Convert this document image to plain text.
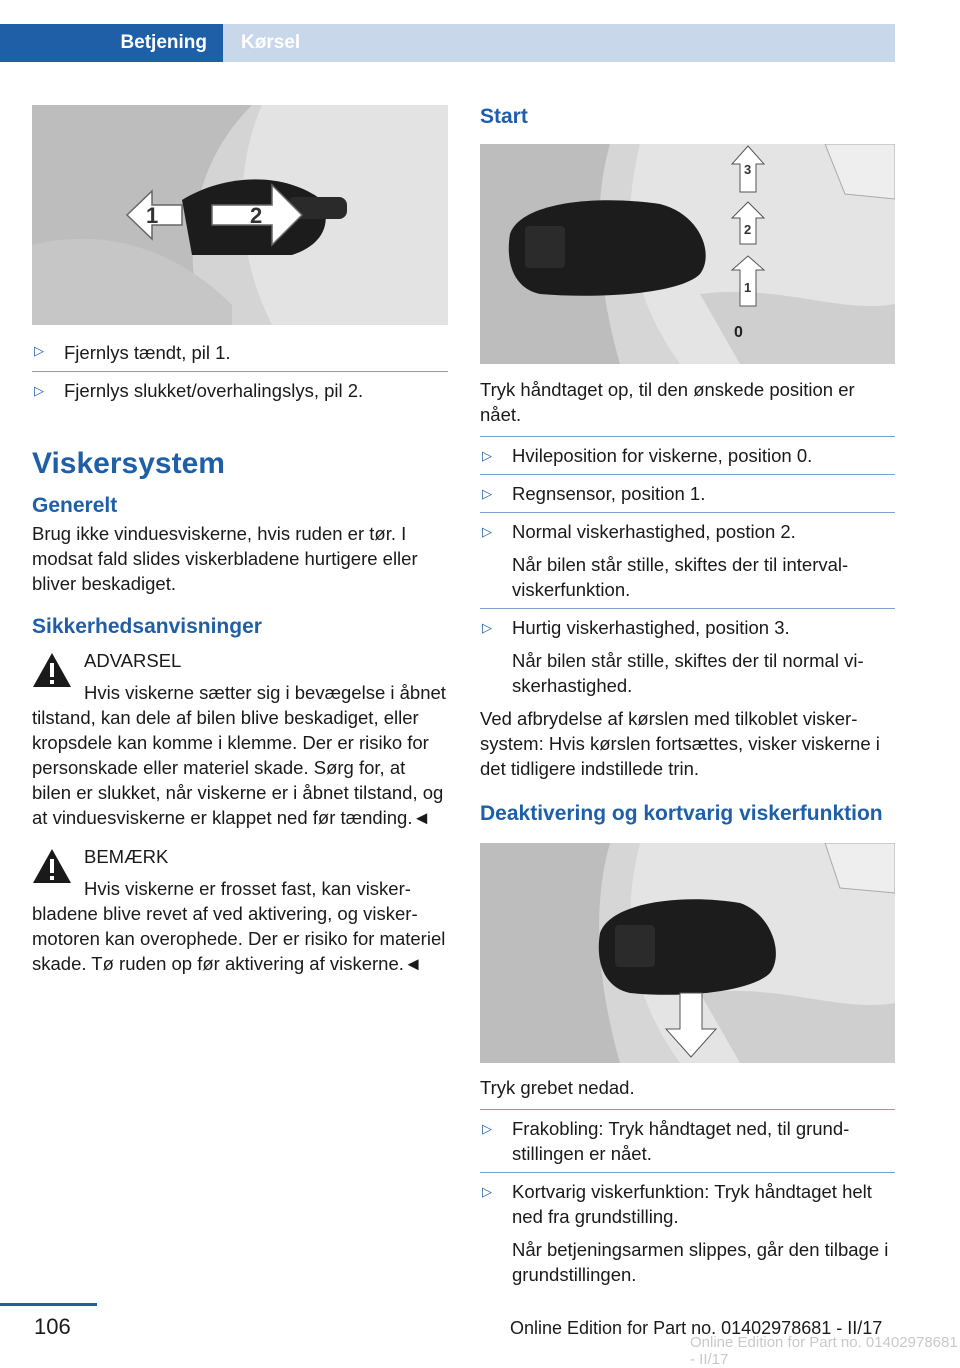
Betjening	Kørsel
1	2
▷ Fjernlys tændt, pil 1.
▷ Fjernlys slukket/overhalingslys, pil 2.
Viskersystem
Generelt

Brug ikke vinduesviskerne, hvis ruden er tør. I modsat fald slides viskerbladene hurtigere eller bliver beskadiget.

Sikkerhedsanvisninger

ADVARSEL

Hvis viskerne sætter sig i bevægelse i åbnet tilstand, kan dele af bilen blive beskadiget, eller kropsdele kan komme i klemme. Der er risiko for personskade eller materiel skade. Sørg for, at bilen er slukket, når viskerne er i åbnet tilstand, og at vinduesviskerne er klappet ned før tænding.◄

BEMÆRK

Hvis viskerne er frosset fast, kan viskerbladene blive revet af ved aktivering, og viskermotoren kan overophede. Der er risiko for materiel skade. Tø ruden op før aktivering af viskerne.◄

Start
3
2
1
0

Tryk håndtaget op, til den ønskede position er nået.

▷ Hvileposition for viskerne, position 0.
▷ Regnsensor, position 1.
▷ Normal viskerhastighed, postion 2.
Når bilen står stille, skiftes der til intervalviskerfunktion.
▷ Hurtig viskerhastighed, position 3.
Når bilen står stille, skiftes der til normal viskerhastighed.

Ved afbrydelse af kørslen med tilkoblet viskersystem: Hvis kørslen fortsættes, visker viskerne i det tidligere indstillede trin.

Deaktivering og kortvarig viskerfunktion

Tryk grebet nedad.

▷ Frakobling: Tryk håndtaget ned, til grundstillingen er nået.
▷ Kortvarig viskerfunktion: Tryk håndtaget helt ned fra grundstilling.
Når betjeningsarmen slippes, går den tilbage i grundstillingen.
106	Online Edition for Part no. 01402978681 - II/17
Online Edition for Part no. 01402978681 - II/17
